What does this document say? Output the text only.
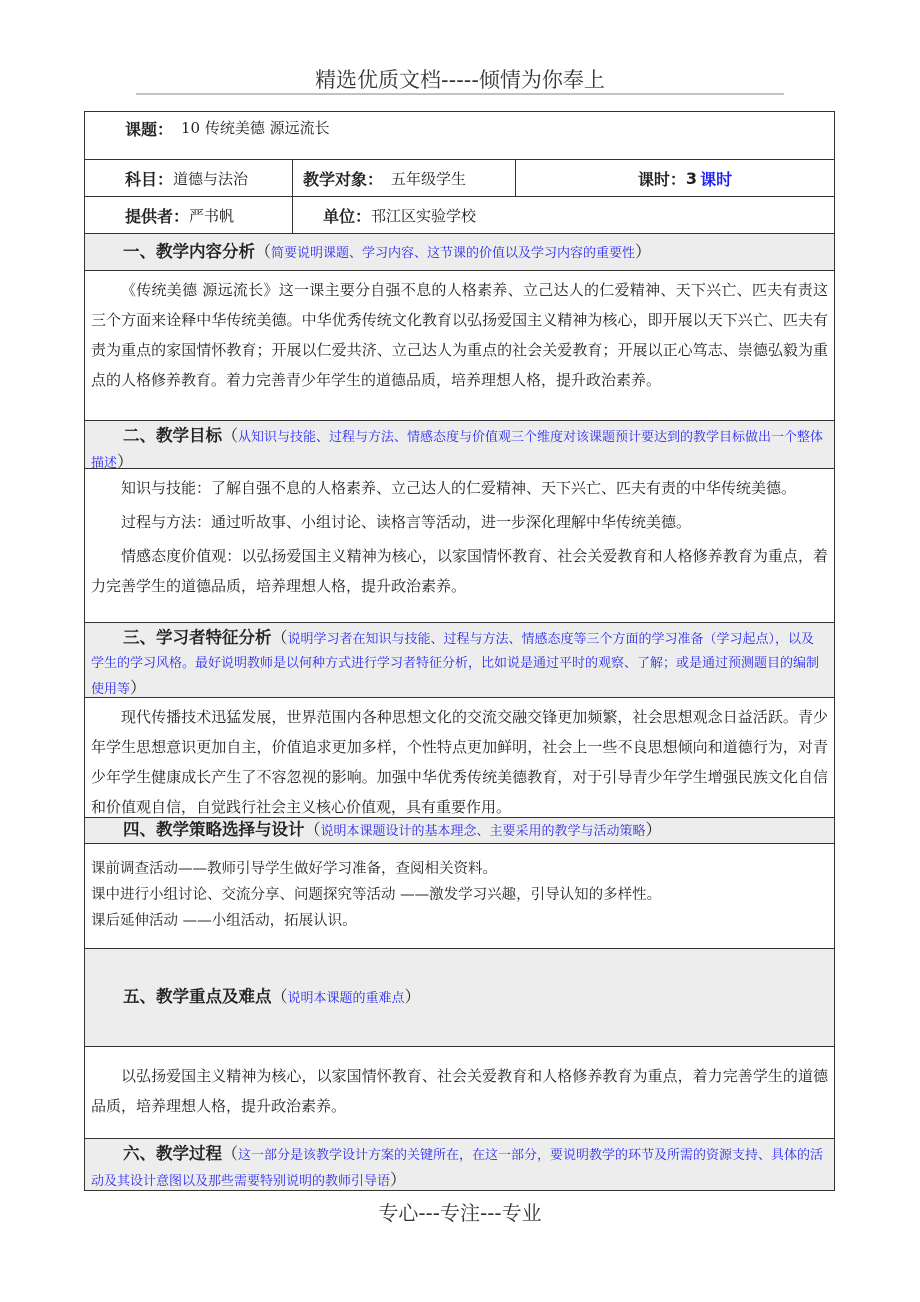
精选优质文档-----倾情为你奉上
课题： 10 传统美德 源远流长
科目： 道德与法治	教学对象： 五年级学生	课时： 3 课时
提供者： 严书帆	单位： 邗江区实验学校
一、教学内容分析（简要说明课题、学习内容、这节课的价值以及学习内容的重要性）

《传统美德 源远流长》这一课主要分自强不息的人格素养、立己达人的仁爱精神、天下兴亡、匹夫有责这三个方面来诠释中华传统美德。中华优秀传统文化教育以弘扬爱国主义精神为核心，即开展以天下兴亡、匹夫有责为重点的家国情怀教育；开展以仁爱共济、立己达人为重点的社会关爱教育；开展以正心笃志、崇德弘毅为重点的人格修养教育。着力完善青少年学生的道德品质，培养理想人格，提升政治素养。

二、教学目标（从知识与技能、过程与方法、情感态度与价值观三个维度对该课题预计要达到的教学目标做出一个整体描述）

知识与技能：了解自强不息的人格素养、立己达人的仁爱精神、天下兴亡、匹夫有责的中华传统美德。

过程与方法：通过听故事、小组讨论、读格言等活动，进一步深化理解中华传统美德。

情感态度价值观：以弘扬爱国主义精神为核心，以家国情怀教育、社会关爱教育和人格修养教育为重点，着力完善学生的道德品质，培养理想人格，提升政治素养。

三、学习者特征分析（说明学习者在知识与技能、过程与方法、情感态度等三个方面的学习准备（学习起点），以及学生的学习风格。最好说明教师是以何种方式进行学习者特征分析，比如说是通过平时的观察、了解；或是通过预测题目的编制使用等）

现代传播技术迅猛发展，世界范围内各种思想文化的交流交融交锋更加频繁，社会思想观念日益活跃。青少年学生思想意识更加自主，价值追求更加多样，个性特点更加鲜明，社会上一些不良思想倾向和道德行为，对青少年学生健康成长产生了不容忽视的影响。加强中华优秀传统美德教育，对于引导青少年学生增强民族文化自信和价值观自信，自觉践行社会主义核心价值观，具有重要作用。

四、教学策略选择与设计（说明本课题设计的基本理念、主要采用的教学与活动策略）

课前调查活动——教师引导学生做好学习准备，查阅相关资料。

课中进行小组讨论、交流分享、问题探究等活动 ——激发学习兴趣，引导认知的多样性。

课后延伸活动 ——小组活动，拓展认识。

五、教学重点及难点（说明本课题的重难点）

以弘扬爱国主义精神为核心，以家国情怀教育、社会关爱教育和人格修养教育为重点，着力完善学生的道德品质，培养理想人格，提升政治素养。

六、教学过程（这一部分是该教学设计方案的关键所在，在这一部分，要说明教学的环节及所需的资源支持、具体的活动及其设计意图以及那些需要特别说明的教师引导语）
专心---专注---专业
